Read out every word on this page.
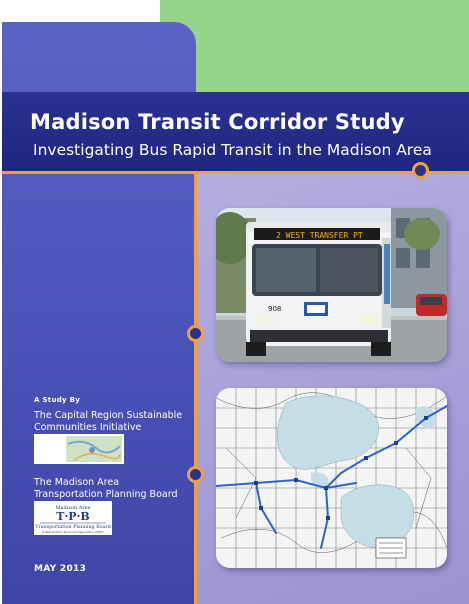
Madison Transit Corridor Study
Investigating Bus Rapid Transit in the Madison Area
2 WEST TRANSFER PT
908
A Study By
The Capital Region Sustainable Communities Initiative
The Madison Area Transportation Planning Board
Madison Area
T·P·B
Transportation Planning Board
A Metropolitan Planning Organization (MPO)
MAY 2013
